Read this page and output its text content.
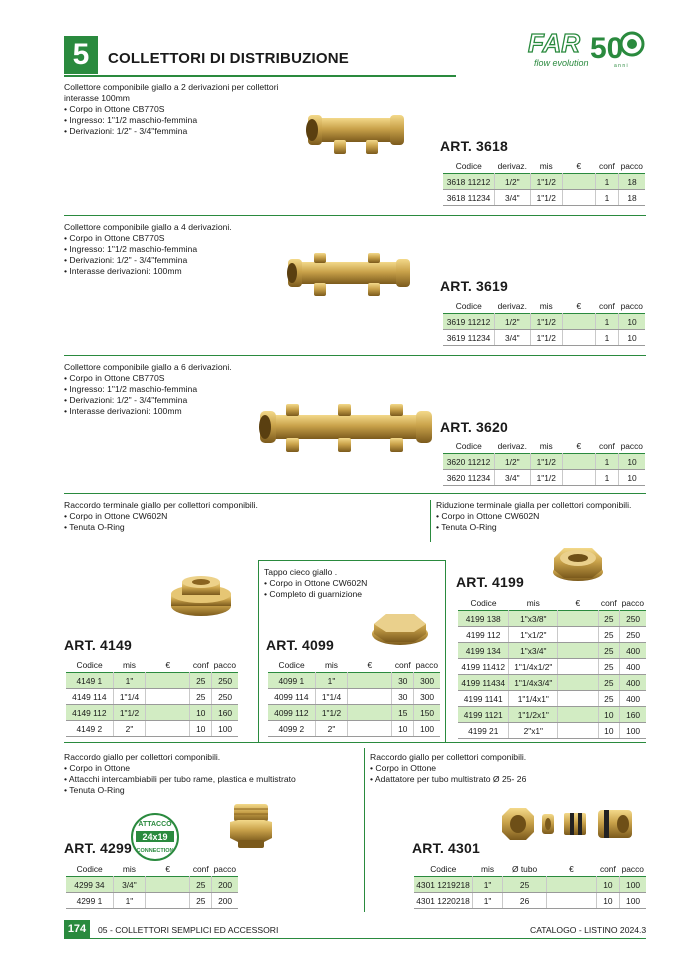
5	COLLETTORI DI DISTRIBUZIONE
FAR 50
flow evolution	a n n i
Collettore componibile giallo a 2 derivazioni per collettori interasse 100mm
• Corpo in Ottone CB770S
• Ingresso: 1"1/2 maschio-femmina
• Derivazioni: 1/2" - 3/4"femmina
ART. 3618
Codice	derivaz.	mis	€	conf	pacco
3618 11212	1/2"	1"1/2		1	18
3618 11234	3/4"	1"1/2		1	18
Collettore componibile giallo a 4 derivazioni.
• Corpo in Ottone CB770S
• Ingresso: 1"1/2 maschio-femmina
• Derivazioni: 1/2" - 3/4"femmina
• Interasse derivazioni: 100mm
ART. 3619
Codice	derivaz.	mis	€	conf	pacco
3619 11212	1/2"	1"1/2		1	10
3619 11234	3/4"	1"1/2		1	10
Collettore componibile giallo a 6 derivazioni.
• Corpo in Ottone CB770S
• Ingresso: 1"1/2 maschio-femmina
• Derivazioni: 1/2" - 3/4"femmina
• Interasse derivazioni: 100mm
ART. 3620
Codice	derivaz.	mis	€	conf	pacco
3620 11212	1/2"	1"1/2		1	10
3620 11234	3/4"	1"1/2		1	10
Raccordo terminale giallo per collettori componibili.
• Corpo in Ottone CW602N
• Tenuta O-Ring
ART. 4149
Codice	mis	€	conf	pacco
4149 1	1"		25	250
4149 114	1"1/4		25	250
4149 112	1"1/2		10	160
4149 2	2"		10	100
Tappo cieco giallo .
• Corpo in Ottone CW602N
• Completo di guarnizione
ART. 4099
Codice	mis	€	conf	pacco
4099 1	1"		30	300
4099 114	1"1/4		30	300
4099 112	1"1/2		15	150
4099 2	2"		10	100
Riduzione terminale gialla per collettori componibili.
• Corpo in Ottone CW602N
• Tenuta O-Ring
ART. 4199
Codice	mis	€	conf	pacco
4199 138	1"x3/8"		25	250
4199 112	1"x1/2"		25	250
4199 134	1"x3/4"		25	400
4199 11412	1"1/4x1/2"		25	400
4199 11434	1"1/4x3/4"		25	400
4199 1141	1"1/4x1"		25	400
4199 1121	1"1/2x1"		10	160
4199 21	2"x1"		10	100
Raccordo giallo per collettori componibili.
• Corpo in Ottone
• Attacchi intercambiabili per tubo rame, plastica e multistrato
• Tenuta O-Ring
ATTACCO
24x19
CONNECTION
ART. 4299
Codice	mis	€	conf	pacco
4299 34	3/4"		25	200
4299 1	1"		25	200
Raccordo giallo per collettori componibili.
• Corpo in Ottone
• Adattatore per tubo multistrato Ø 25- 26
ART. 4301
Codice	mis	Ø tubo	€	conf	pacco
4301 1219218	1"	25		10	100
4301 1220218	1"	26		10	100
174	05 - COLLETTORI SEMPLICI ED ACCESSORI	CATALOGO - LISTINO 2024.3
